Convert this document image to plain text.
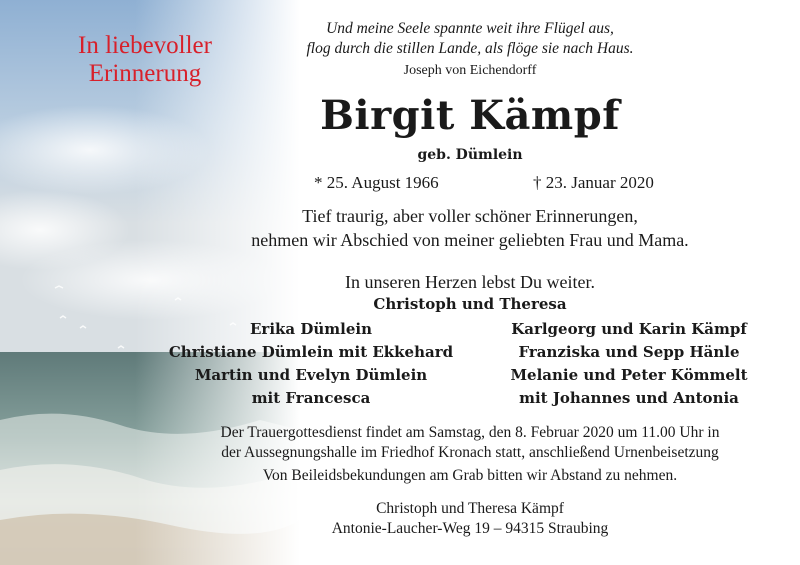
In liebevoller
Erinnerung
Und meine Seele spannte weit ihre Flügel aus,
flog durch die stillen Lande, als flöge sie nach Haus.
Joseph von Eichendorff
Birgit Kämpf
geb. Dümlein
* 25. August 1966	† 23. Januar 2020
Tief traurig, aber voller schöner Erinnerungen,
nehmen wir Abschied von meiner geliebten Frau und Mama.
In unseren Herzen lebst Du weiter.
Christoph und Theresa
Erika Dümlein
Christiane Dümlein mit Ekkehard
Martin und Evelyn Dümlein
mit Francesca
Karlgeorg und Karin Kämpf
Franziska und Sepp Hänle
Melanie und Peter Kömmelt
mit Johannes und Antonia
Der Trauergottesdienst findet am Samstag, den 8. Februar 2020 um 11.00 Uhr in
der Aussegnungshalle im Friedhof Kronach statt, anschließend Urnenbeisetzung
Von Beileidsbekundungen am Grab bitten wir Abstand zu nehmen.
Christoph und Theresa Kämpf
Antonie-Laucher-Weg 19 – 94315 Straubing
